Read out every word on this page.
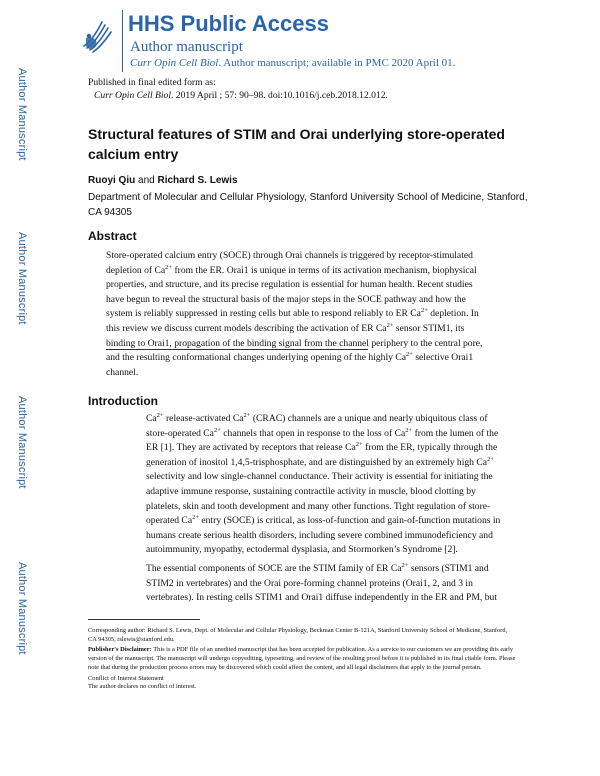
Author Manuscript
Author Manuscript
Author Manuscript
Author Manuscript
HHS Public Access
Author manuscript
Curr Opin Cell Biol. Author manuscript; available in PMC 2020 April 01.
Published in final edited form as:
Curr Opin Cell Biol. 2019 April ; 57: 90–98. doi:10.1016/j.ceb.2018.12.012.
Structural features of STIM and Orai underlying store-operated calcium entry
Ruoyi Qiu and Richard S. Lewis
Department of Molecular and Cellular Physiology, Stanford University School of Medicine, Stanford, CA 94305
Abstract
Store-operated calcium entry (SOCE) through Orai channels is triggered by receptor-stimulated
depletion of $Ca^{2+}$ from the ER. Orai1 is unique in terms of its activation mechanism, biophysical
properties, and structure, and its precise regulation is essential for human health. Recent studies
have begun to reveal the structural basis of the major steps in the SOCE pathway and how the
system is reliably suppressed in resting cells but able to respond reliably to ER $Ca^{2+}$ depletion. In
this review we discuss current models describing the activation of ER $Ca^{2+}$ sensor STIM1, its
binding to Orai1, propagation of the binding signal from the channel periphery to the central pore,
and the resulting conformational changes underlying opening of the highly $Ca^{2+}$ selective Orai1
channel.
Introduction
$Ca^{2+}$ release-activated $Ca^{2+}$ (CRAC) channels are a unique and nearly ubiquitous class of
store-operated $Ca^{2+}$ channels that open in response to the loss of $Ca^{2+}$ from the lumen of the
ER [1]. They are activated by receptors that release $Ca^{2+}$ from the ER, typically through the
generation of inositol 1,4,5-trisphosphate, and are distinguished by an extremely high $Ca^{2+}$
selectivity and low single-channel conductance. Their activity is essential for initiating the
adaptive immune response, sustaining contractile activity in muscle, blood clotting by
platelets, skin and tooth development and many other functions. Tight regulation of store-
operated $Ca^{2+}$ entry (SOCE) is critical, as loss-of-function and gain-of-function mutations in
humans create serious health disorders, including severe combined immunodeficiency and
autoimmunity, myopathy, ectodermal dysplasia, and Stormorken’s Syndrome [2].
The essential components of SOCE are the STIM family of ER $Ca^{2+}$ sensors (STIM1 and
STIM2 in vertebrates) and the Orai pore-forming channel proteins (Orai1, 2, and 3 in
vertebrates). In resting cells STIM1 and Orai1 diffuse independently in the ER and PM, but
Corresponding author: Richard S. Lewis, Dept. of Molecular and Cellular Physiology, Beckman Center B-121A, Stanford University School of Medicine, Stanford, CA 94305, rslewis@stanford.edu.
Publisher's Disclaimer: This is a PDF file of an unedited manuscript that has been accepted for publication. As a service to our customers we are providing this early version of the manuscript. The manuscript will undergo copyediting, typesetting, and review of the resulting proof before it is published in its final citable form. Please note that during the production process errors may be discovered which could affect the content, and all legal disclaimers that apply to the journal pertain.
Conflict of Interest Statement
The author declares no conflict of interest.
